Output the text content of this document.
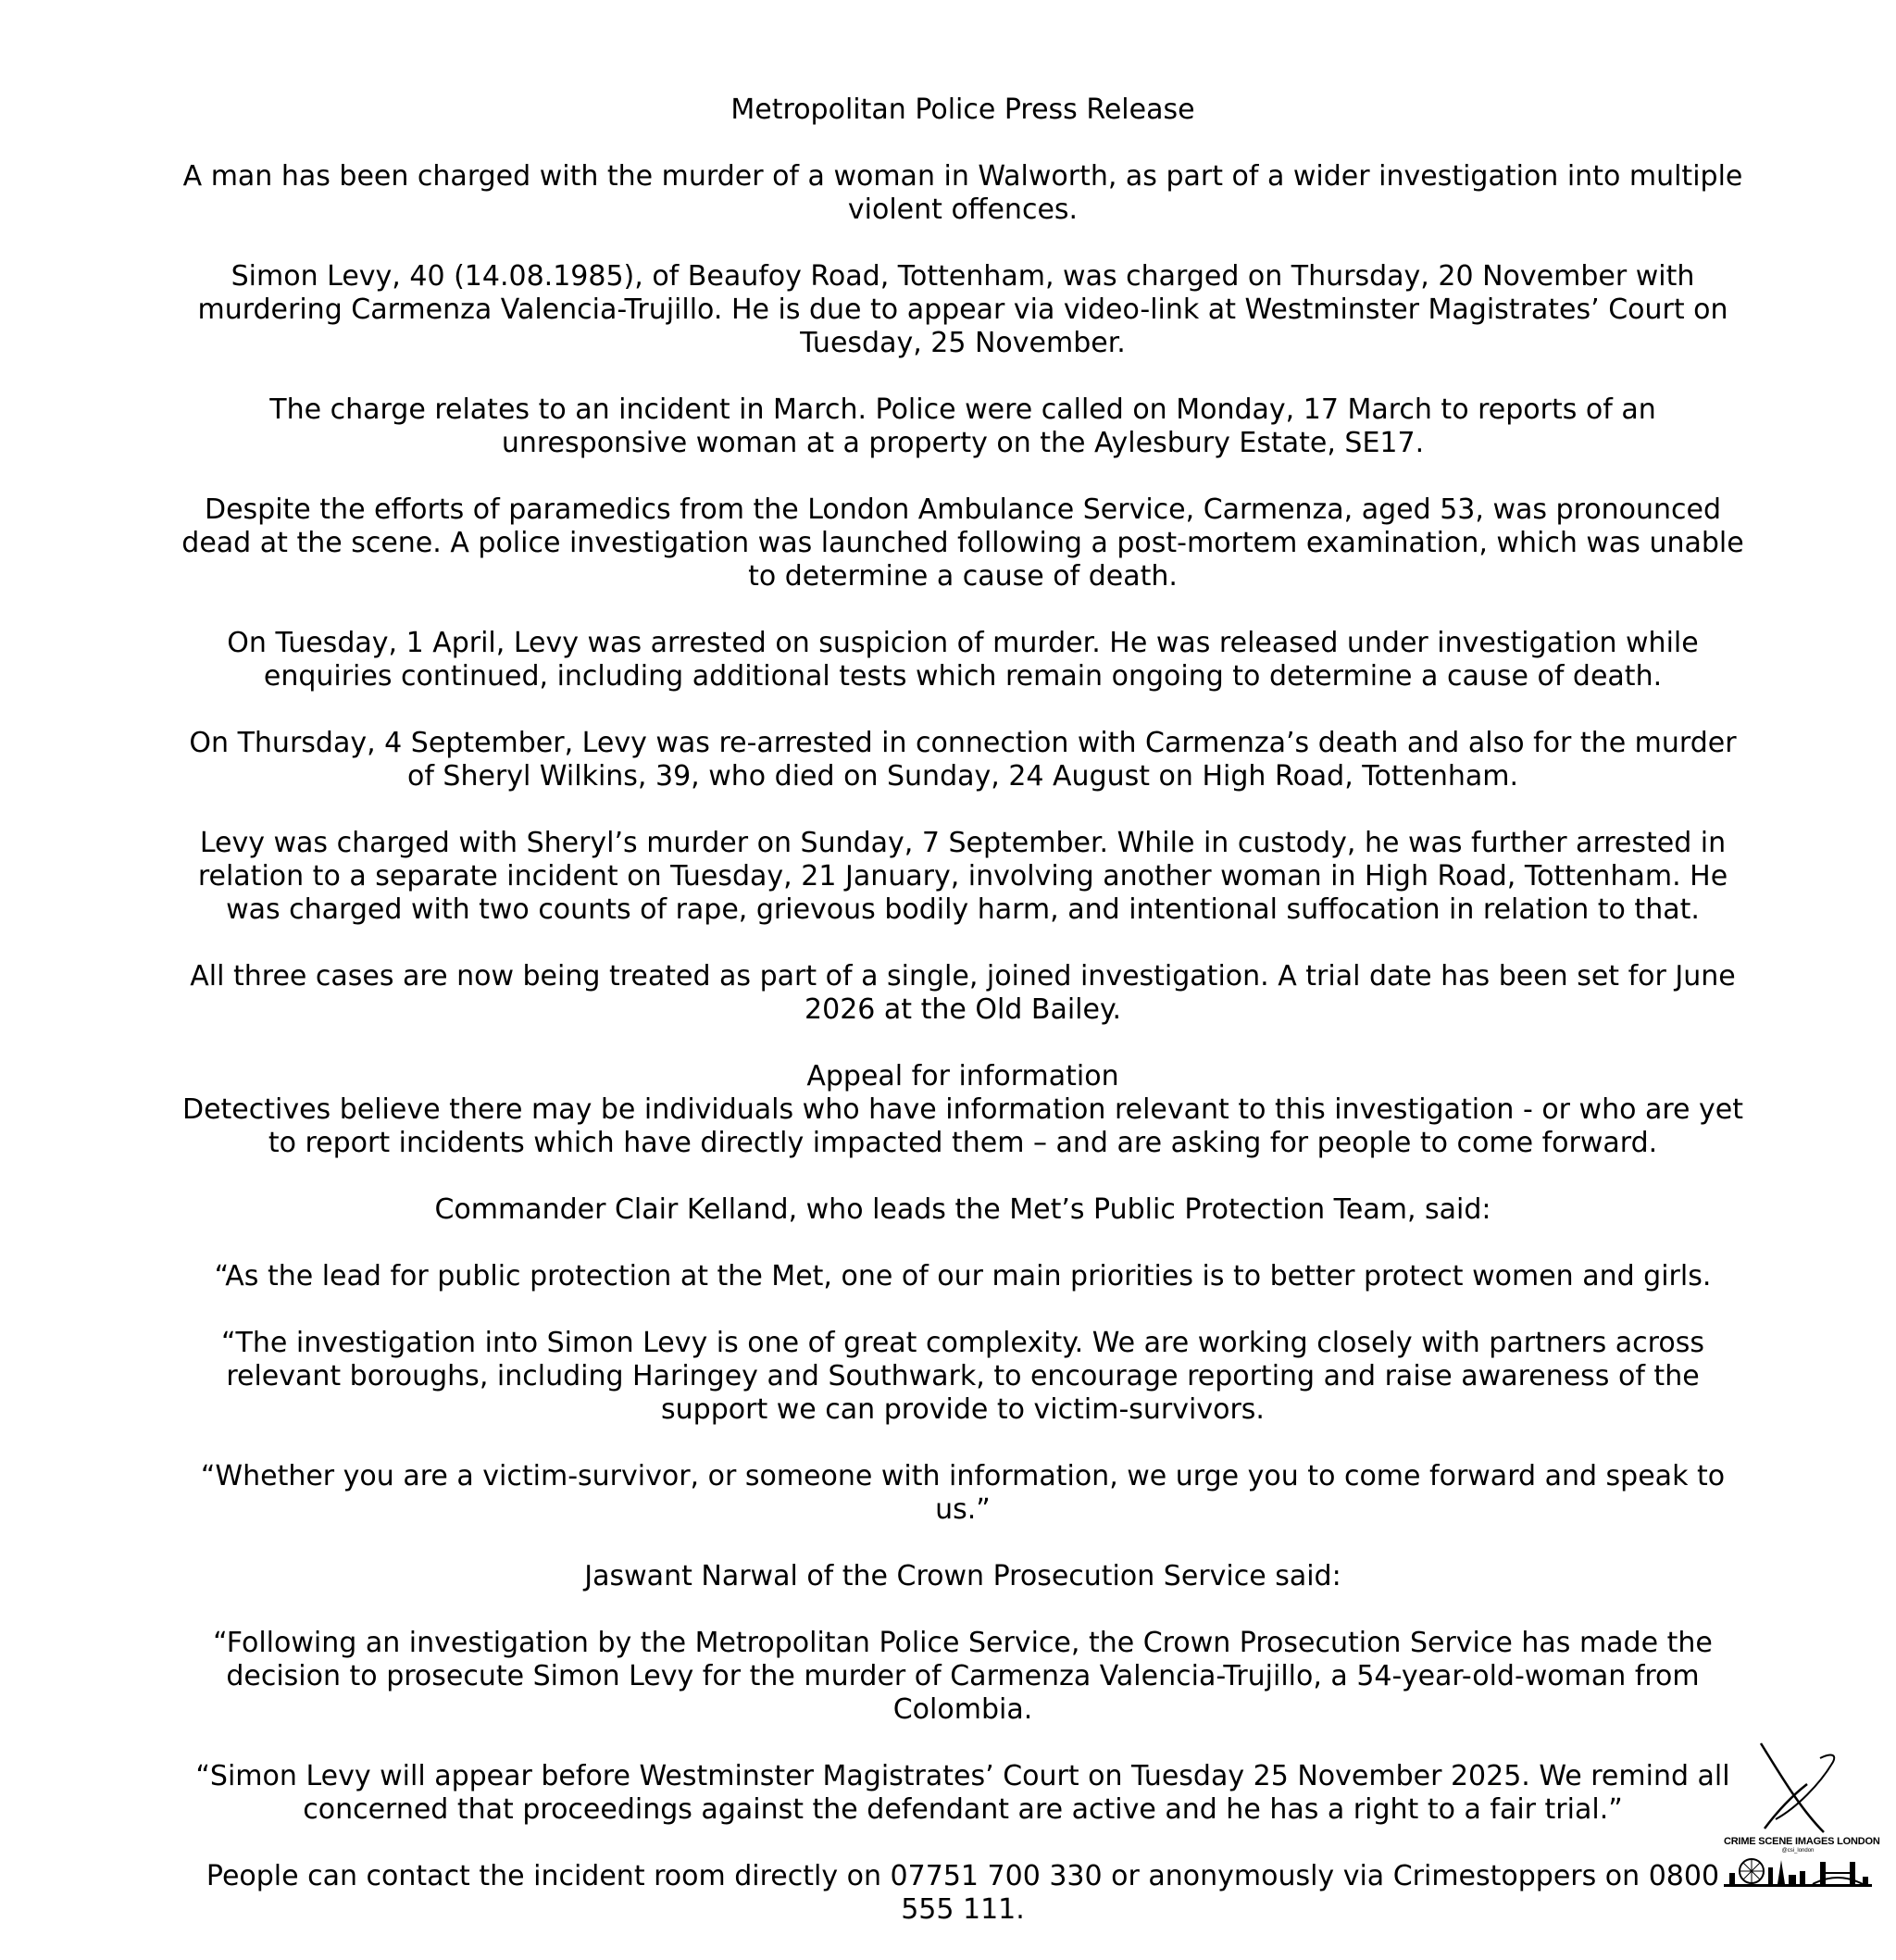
Metropolitan Police Press Release

A man has been charged with the murder of a woman in Walworth, as part of a wider investigation into multiple violent offences.

Simon Levy, 40 (14.08.1985), of Beaufoy Road, Tottenham, was charged on Thursday, 20 November with murdering Carmenza Valencia-Trujillo. He is due to appear via video-link at Westminster Magistrates’ Court on Tuesday, 25 November.

The charge relates to an incident in March. Police were called on Monday, 17 March to reports of an unresponsive woman at a property on the Aylesbury Estate, SE17.

Despite the efforts of paramedics from the London Ambulance Service, Carmenza, aged 53, was pronounced dead at the scene. A police investigation was launched following a post-mortem examination, which was unable to determine a cause of death.

On Tuesday, 1 April, Levy was arrested on suspicion of murder. He was released under investigation while enquiries continued, including additional tests which remain ongoing to determine a cause of death.

On Thursday, 4 September, Levy was re-arrested in connection with Carmenza’s death and also for the murder of Sheryl Wilkins, 39, who died on Sunday, 24 August on High Road, Tottenham.

Levy was charged with Sheryl’s murder on Sunday, 7 September. While in custody, he was further arrested in relation to a separate incident on Tuesday, 21 January, involving another woman in High Road, Tottenham. He was charged with two counts of rape, grievous bodily harm, and intentional suffocation in relation to that.

All three cases are now being treated as part of a single, joined investigation. A trial date has been set for June 2026 at the Old Bailey.

Appeal for information

Detectives believe there may be individuals who have information relevant to this investigation - or who are yet to report incidents which have directly impacted them – and are asking for people to come forward.

Commander Clair Kelland, who leads the Met’s Public Protection Team, said:

“As the lead for public protection at the Met, one of our main priorities is to better protect women and girls.

“The investigation into Simon Levy is one of great complexity. We are working closely with partners across relevant boroughs, including Haringey and Southwark, to encourage reporting and raise awareness of the support we can provide to victim-survivors.

“Whether you are a victim-survivor, or someone with information, we urge you to come forward and speak to us.”

Jaswant Narwal of the Crown Prosecution Service said:

“Following an investigation by the Metropolitan Police Service, the Crown Prosecution Service has made the decision to prosecute Simon Levy for the murder of Carmenza Valencia-Trujillo, a 54-year-old-woman from Colombia.

“Simon Levy will appear before Westminster Magistrates’ Court on Tuesday 25 November 2025. We remind all concerned that proceedings against the defendant are active and he has a right to a fair trial.”

People can contact the incident room directly on 07751 700 330 or anonymously via Crimestoppers on 0800 555 111.

CRIME SCENE IMAGES LONDON
@csi_london
